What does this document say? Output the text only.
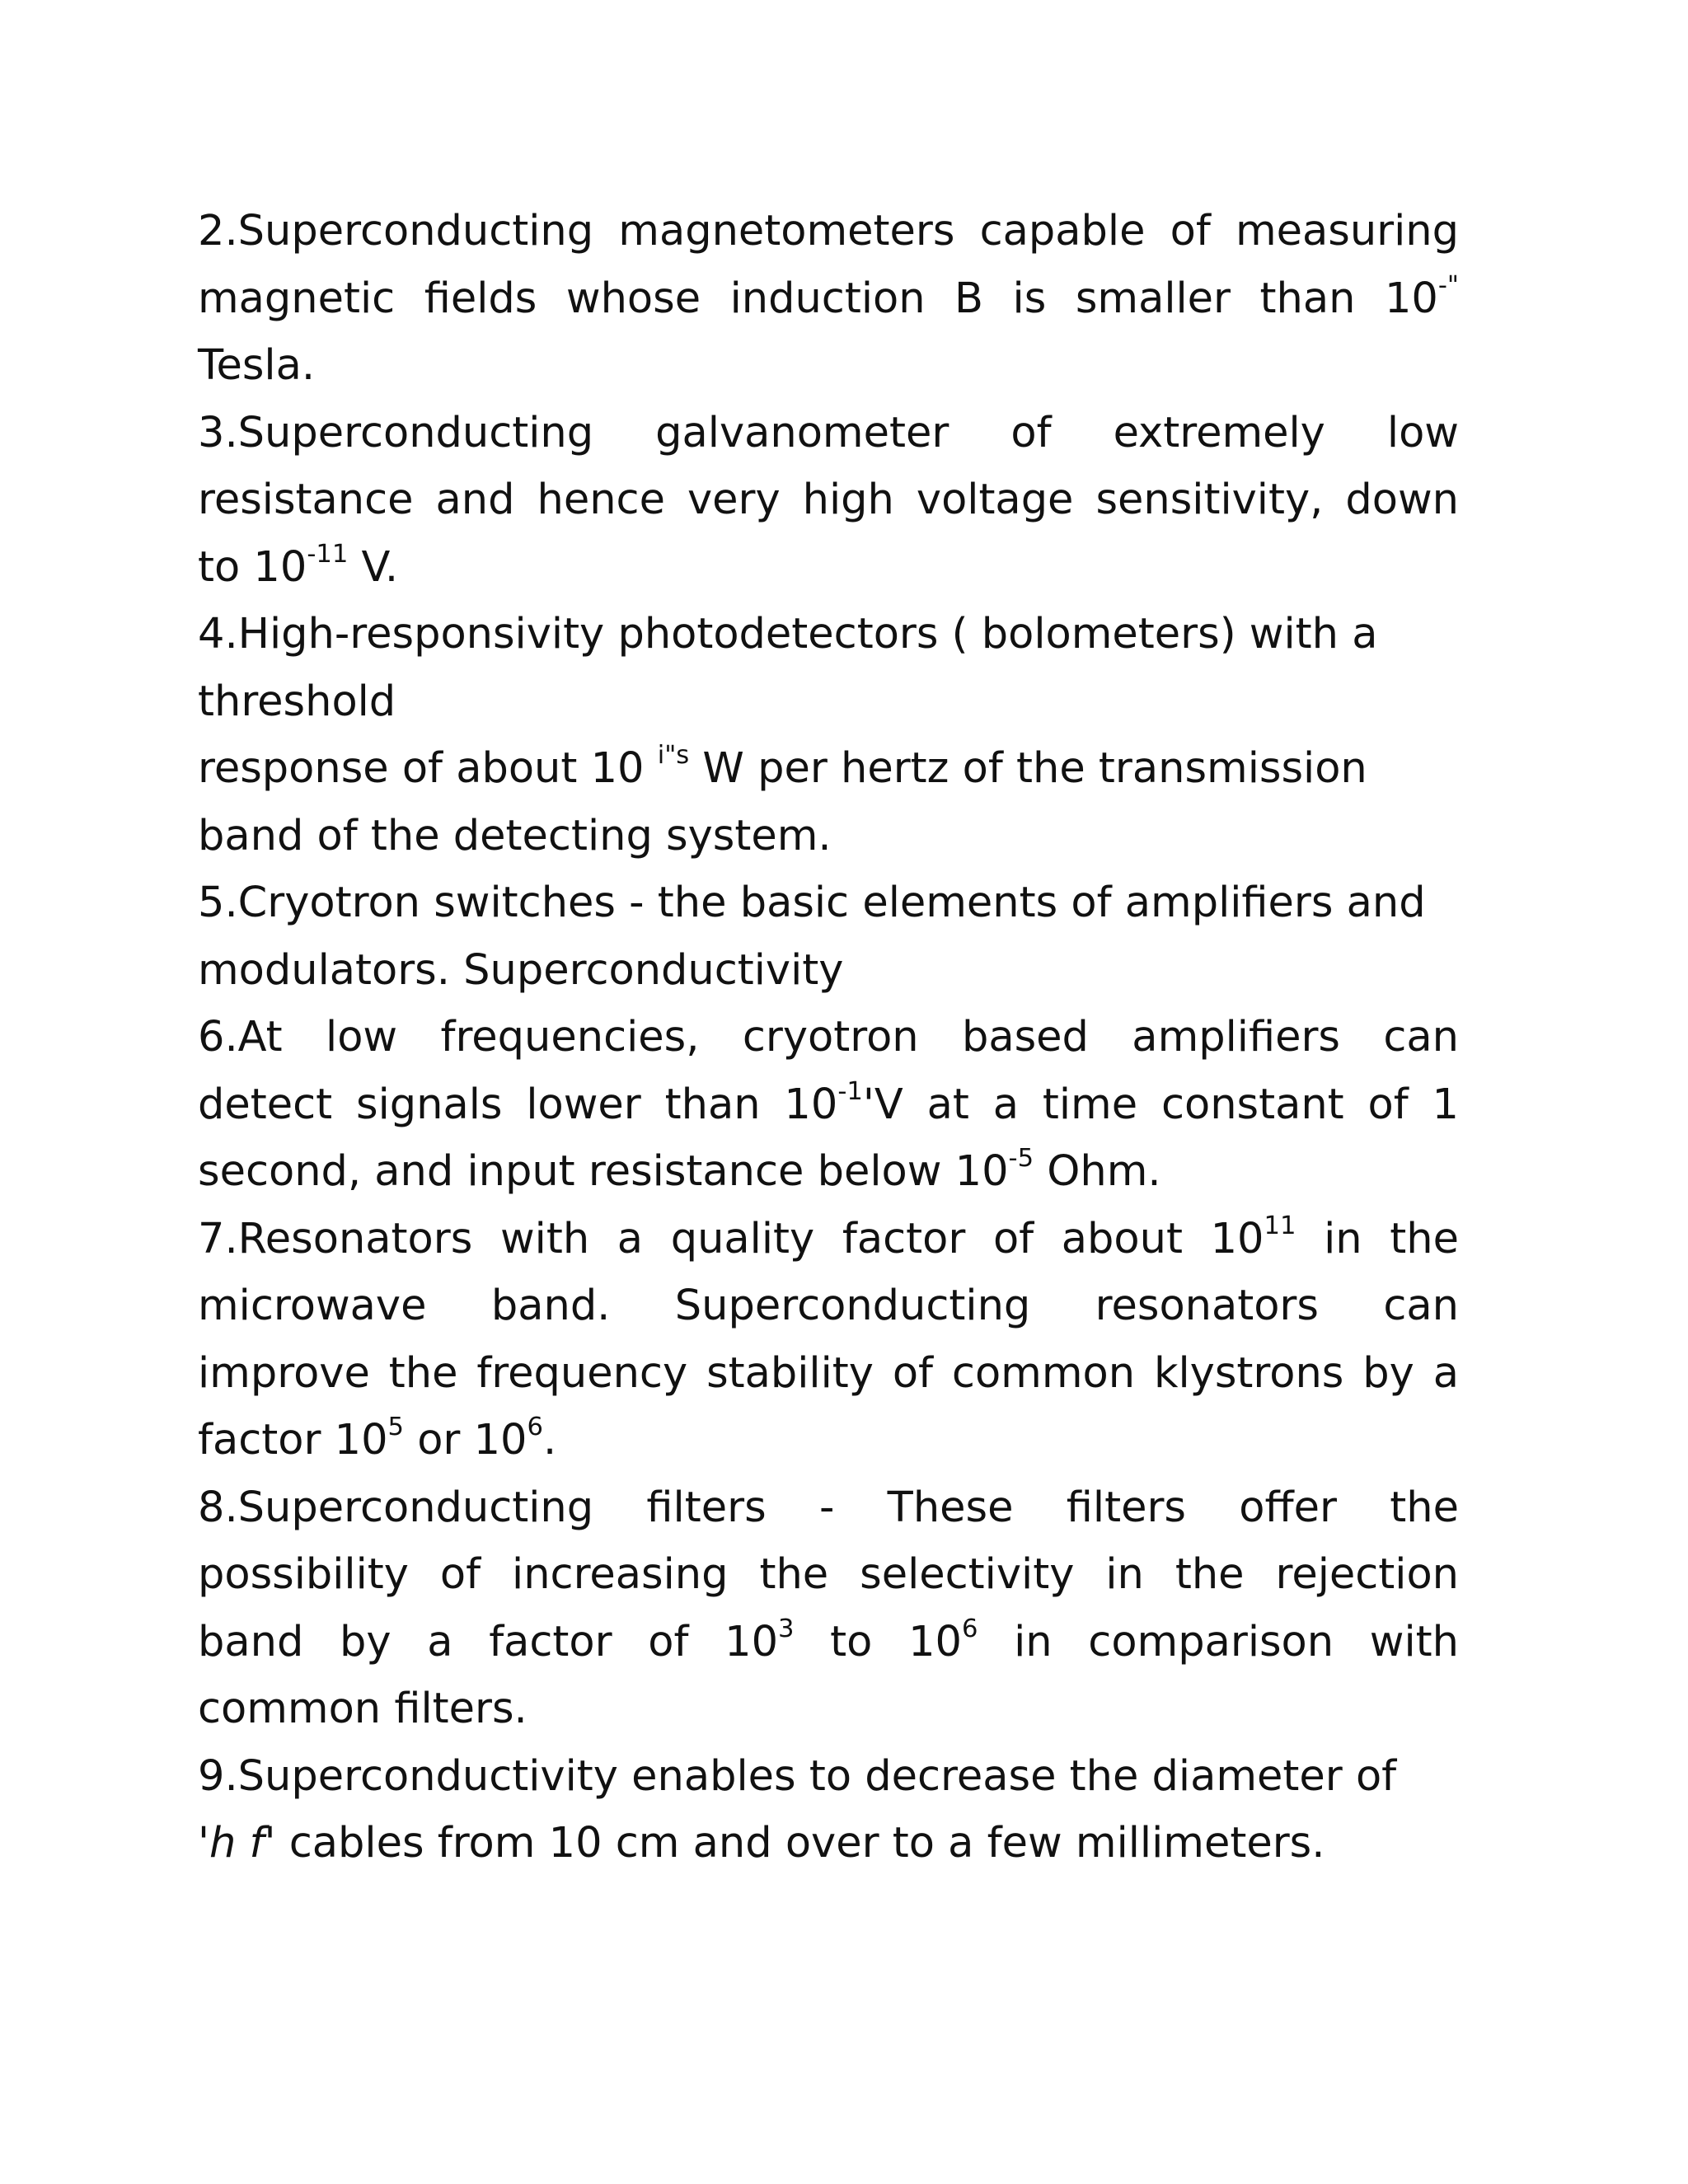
2.Superconducting magnetometers capable of measuring
magnetic fields whose induction B is smaller than 10-"
Tesla.

3.Superconducting galvanometer of extremely low
resistance and hence very high voltage sensitivity, down
to $10^{-11}$ V.

4.High-responsivity photodetectors ( bolometers) with a
threshold
response of about 10 $^{i"s}$ W per hertz of the transmission
band of the detecting system.

5.Cryotron switches - the basic elements of amplifiers and
modulators. Superconductivity

6.At low frequencies, cryotron based amplifiers can
detect signals lower than $10^{-1}'V$ at a time constant of 1
second, and input resistance below $10^{-5}$ Ohm.

7.Resonators with a quality factor of about $10^{11}$ in the
microwave band. Superconducting resonators can
improve the frequency stability of common klystrons by a
factor $10^5$ or $10^6$.

8.Superconducting filters - These filters offer the
possibility of increasing the selectivity in the rejection
band by a factor of $10^3$ to $10^6$ in comparison with
common filters.

9.Superconductivity enables to decrease the diameter of
'h f' cables from 10 cm and over to a few millimeters.
